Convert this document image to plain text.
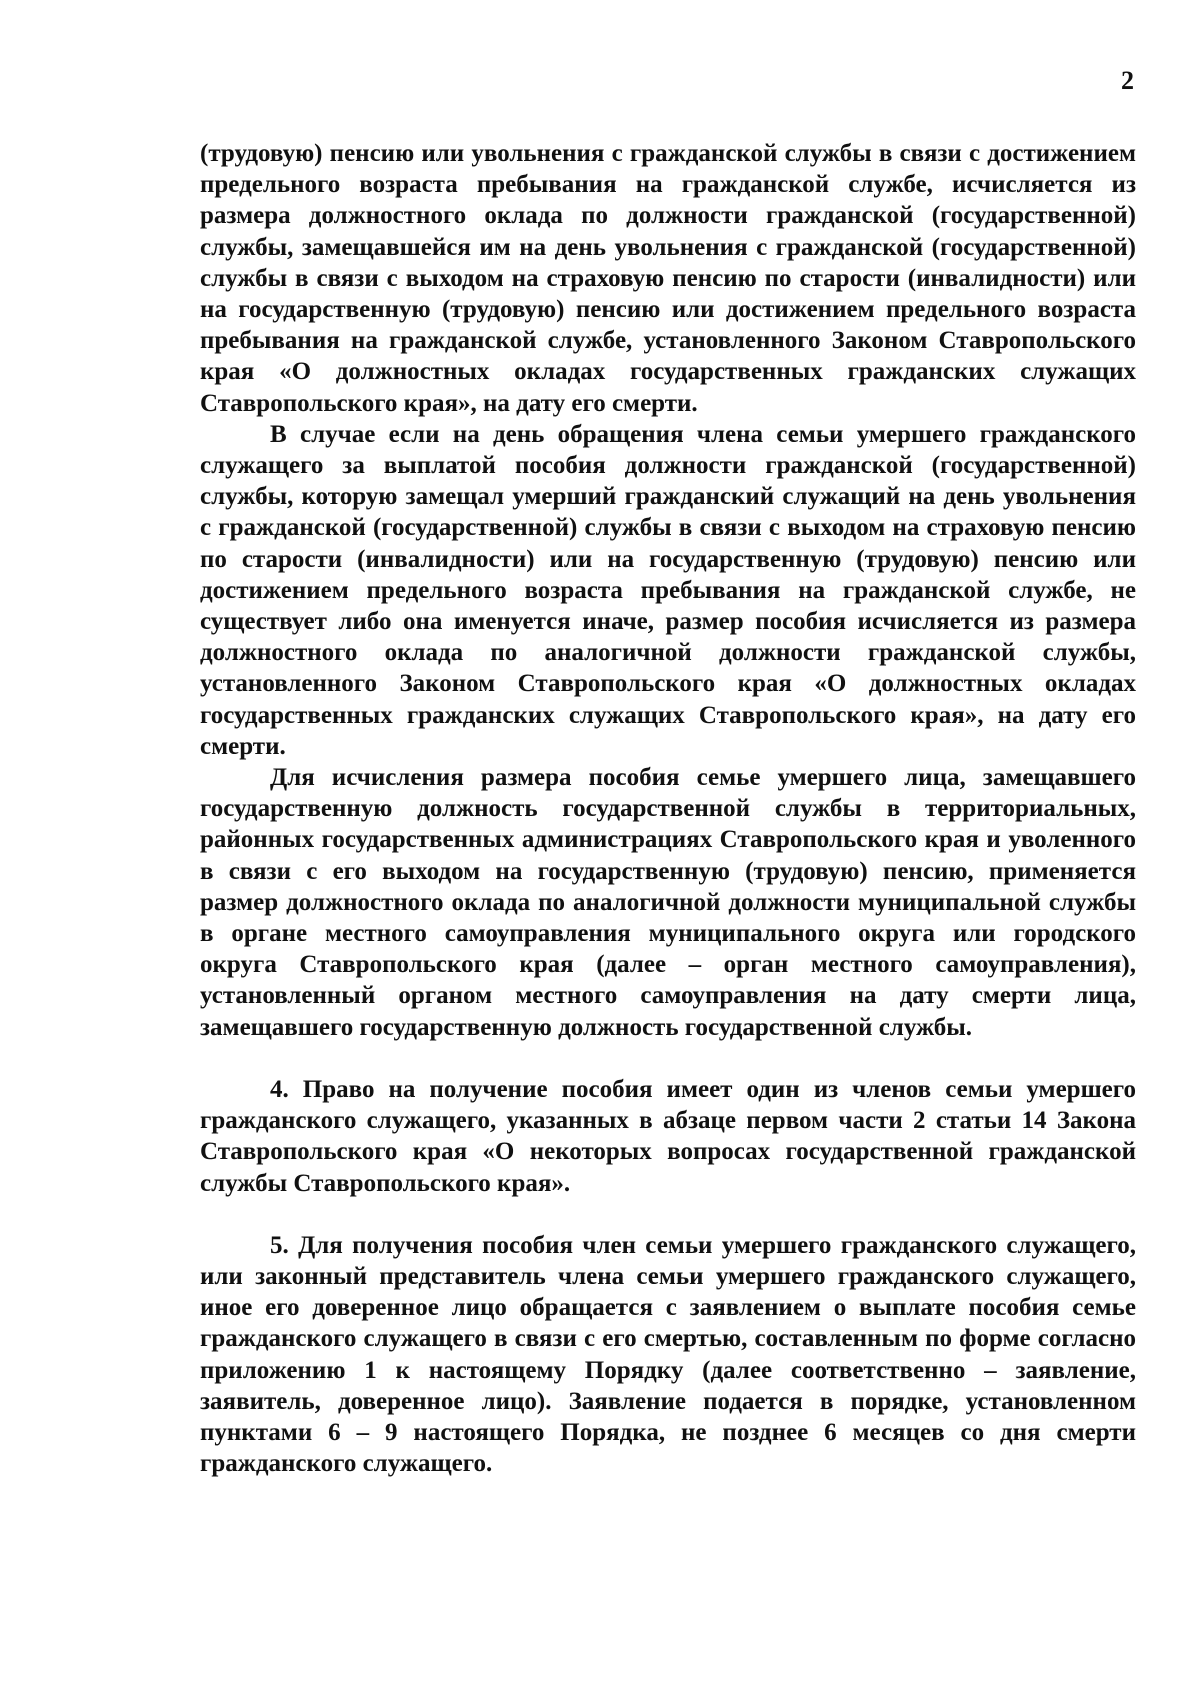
2

(трудовую) пенсию или увольнения с гражданской службы в связи с достижением предельного возраста пребывания на гражданской службе, исчисляется из размера должностного оклада по должности гражданской (государственной) службы, замещавшейся им на день увольнения с гражданской (государственной) службы в связи с выходом на страховую пенсию по старости (инвалидности) или на государственную (трудовую) пенсию или достижением предельного возраста пребывания на гражданской службе, установленного Законом Ставропольского края «О должностных окладах государственных гражданских служащих Ставропольского края», на дату его смерти.

В случае если на день обращения члена семьи умершего гражданского служащего за выплатой пособия должности гражданской (государственной) службы, которую замещал умерший гражданский служащий на день увольнения с гражданской (государственной) службы в связи с выходом на страховую пенсию по старости (инвалидности) или на государственную (трудовую) пенсию или достижением предельного возраста пребывания на гражданской службе, не существует либо она именуется иначе, размер пособия исчисляется из размера должностного оклада по аналогичной должности гражданской службы, установленного Законом Ставропольского края «О должностных окладах государственных гражданских служащих Ставропольского края», на дату его смерти.

Для исчисления размера пособия семье умершего лица, замещавшего государственную должность государственной службы в территориальных, районных государственных администрациях Ставропольского края и уволенного в связи с его выходом на государственную (трудовую) пенсию, применяется размер должностного оклада по аналогичной должности муниципальной службы в органе местного самоуправления муниципального округа или городского округа Ставропольского края (далее – орган местного самоуправления), установленный органом местного самоуправления на дату смерти лица, замещавшего государственную должность государственной службы.

4. Право на получение пособия имеет один из членов семьи умершего гражданского служащего, указанных в абзаце первом части 2 статьи 14 Закона Ставропольского края «О некоторых вопросах государственной гражданской службы Ставропольского края».

5. Для получения пособия член семьи умершего гражданского служащего, или законный представитель члена семьи умершего гражданского служащего, иное его доверенное лицо обращается с заявлением о выплате пособия семье гражданского служащего в связи с его смертью, составленным по форме согласно приложению 1 к настоящему Порядку (далее соответственно – заявление, заявитель, доверенное лицо). Заявление подается в порядке, установленном пунктами 6 – 9 настоящего Порядка, не позднее 6 месяцев со дня смерти гражданского служащего.
